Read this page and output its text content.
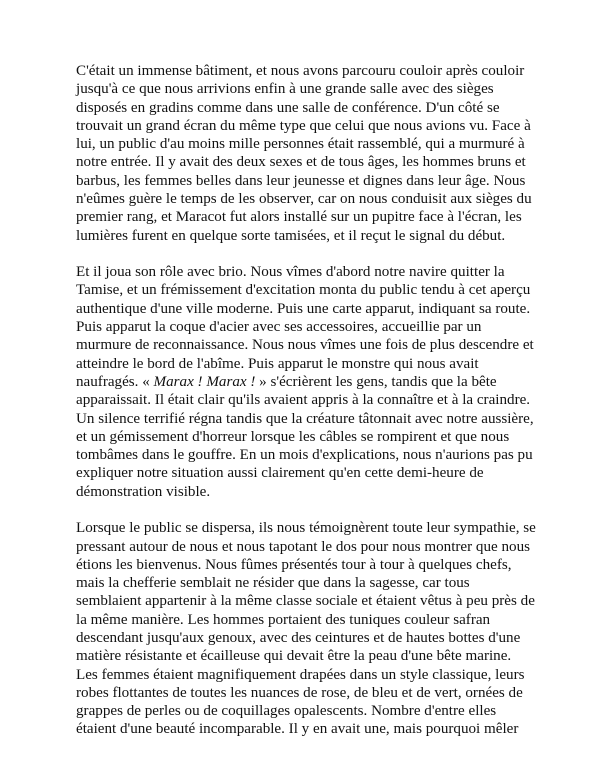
C'était un immense bâtiment, et nous avons parcouru couloir après couloir jusqu'à ce que nous arrivions enfin à une grande salle avec des sièges disposés en gradins comme dans une salle de conférence. D'un côté se trouvait un grand écran du même type que celui que nous avions vu. Face à lui, un public d'au moins mille personnes était rassemblé, qui a murmuré à notre entrée. Il y avait des deux sexes et de tous âges, les hommes bruns et barbus, les femmes belles dans leur jeunesse et dignes dans leur âge. Nous n'eûmes guère le temps de les observer, car on nous conduisit aux sièges du premier rang, et Maracot fut alors installé sur un pupitre face à l'écran, les lumières furent en quelque sorte tamisées, et il reçut le signal du début.

Et il joua son rôle avec brio. Nous vîmes d'abord notre navire quitter la Tamise, et un frémissement d'excitation monta du public tendu à cet aperçu authentique d'une ville moderne. Puis une carte apparut, indiquant sa route. Puis apparut la coque d'acier avec ses accessoires, accueillie par un murmure de reconnaissance. Nous nous vîmes une fois de plus descendre et atteindre le bord de l'abîme. Puis apparut le monstre qui nous avait naufragés. « Marax ! Marax ! » s'écrièrent les gens, tandis que la bête apparaissait. Il était clair qu'ils avaient appris à la connaître et à la craindre. Un silence terrifié régna tandis que la créature tâtonnait avec notre aussière, et un gémissement d'horreur lorsque les câbles se rompirent et que nous tombâmes dans le gouffre. En un mois d'explications, nous n'aurions pas pu expliquer notre situation aussi clairement qu'en cette demi-heure de démonstration visible.

Lorsque le public se dispersa, ils nous témoignèrent toute leur sympathie, se pressant autour de nous et nous tapotant le dos pour nous montrer que nous étions les bienvenus. Nous fûmes présentés tour à tour à quelques chefs, mais la chefferie semblait ne résider que dans la sagesse, car tous semblaient appartenir à la même classe sociale et étaient vêtus à peu près de la même manière. Les hommes portaient des tuniques couleur safran descendant jusqu'aux genoux, avec des ceintures et de hautes bottes d'une matière résistante et écailleuse qui devait être la peau d'une bête marine. Les femmes étaient magnifiquement drapées dans un style classique, leurs robes flottantes de toutes les nuances de rose, de bleu et de vert, ornées de grappes de perles ou de coquillages opalescents. Nombre d'entre elles étaient d'une beauté incomparable. Il y en avait une, mais pourquoi mêler
